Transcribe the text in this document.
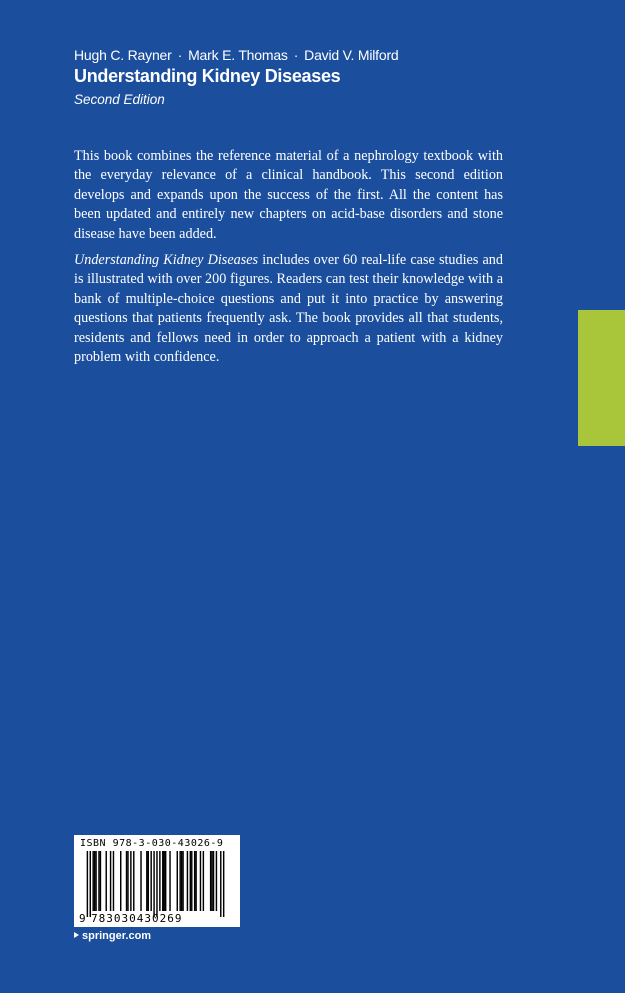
Hugh C. Rayner · Mark E. Thomas · David V. Milford
Understanding Kidney Diseases
Second Edition

This book combines the reference material of a nephrology textbook with the everyday relevance of a clinical handbook. This second edition develops and expands upon the success of the first. All the content has been updated and entirely new chapters on acid-base disorders and stone disease have been added.

Understanding Kidney Diseases includes over 60 real-life case studies and is illustrated with over 200 figures. Readers can test their knowledge with a bank of multiple-choice questions and put it into practice by answering questions that patients frequently ask. The book provides all that students, residents and fellows need in order to approach a patient with a kidney problem with confidence.

ISBN 978-3-030-43026-9
9 783030430269
springer.com
